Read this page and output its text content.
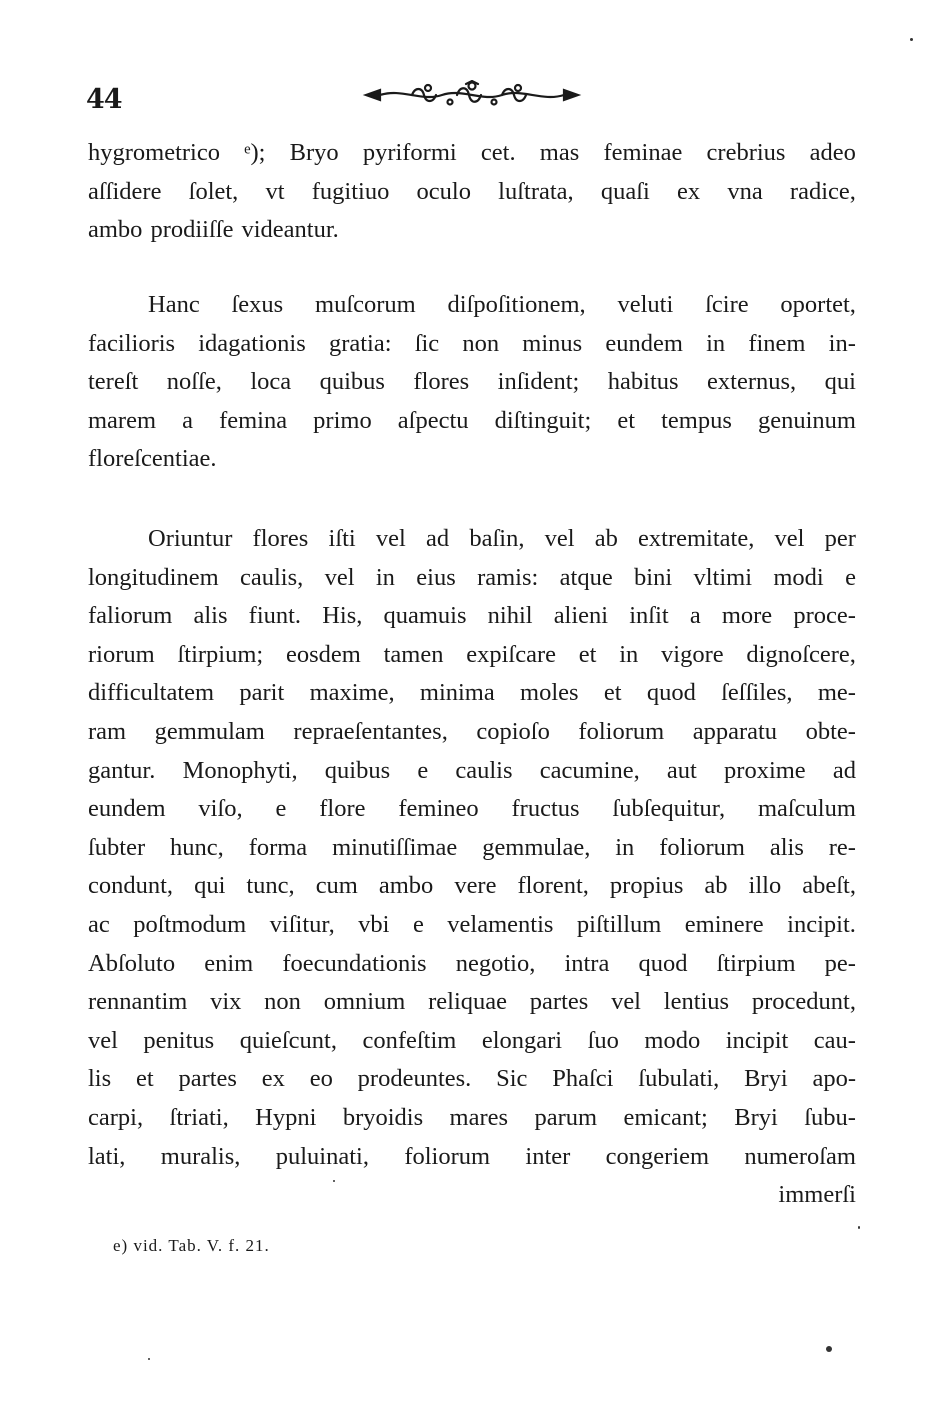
44
hygrometrico ᵉ); Bryo pyriformi cet. mas feminae crebrius adeo
aſſidere ſolet, vt fugitiuo oculo luſtrata, quaſi ex vna radice,
ambo prodiiſſe videantur.
Hanc ſexus muſcorum diſpoſitionem, veluti ſcire oportet,
facilioris idagationis gratia: ſic non minus eundem in finem in-
tereſt noſſe, loca quibus flores inſident; habitus externus, qui
marem a femina primo aſpectu diſtinguit; et tempus genuinum
floreſcentiae.
Oriuntur flores iſti vel ad baſin, vel ab extremitate, vel per
longitudinem caulis, vel in eius ramis: atque bini vltimi modi e
faliorum alis fiunt. His, quamuis nihil alieni inſit a more proce-
riorum ſtirpium; eosdem tamen expiſcare et in vigore dignoſcere,
difficultatem parit maxime, minima moles et quod ſeſſiles, me-
ram gemmulam repraeſentantes, copioſo foliorum apparatu obte-
gantur. Monophyti, quibus e caulis cacumine, aut proxime ad
eundem viſo, e flore femineo fructus ſubſequitur, maſculum
ſubter hunc, forma minutiſſimae gemmulae, in foliorum alis re-
condunt, qui tunc, cum ambo vere florent, propius ab illo abeſt,
ac poſtmodum viſitur, vbi e velamentis piſtillum eminere incipit.
Abſoluto enim foecundationis negotio, intra quod ſtirpium pe-
rennantim vix non omnium reliquae partes vel lentius procedunt,
vel penitus quieſcunt, confeſtim elongari ſuo modo incipit cau-
lis et partes ex eo prodeuntes. Sic Phaſci ſubulati, Bryi apo-
carpi, ſtriati, Hypni bryoidis mares parum emicant; Bryi ſubu-
lati, muralis, puluinati, foliorum inter congeriem numeroſam
immerſi
e) vid. Tab. V. f. 21.
